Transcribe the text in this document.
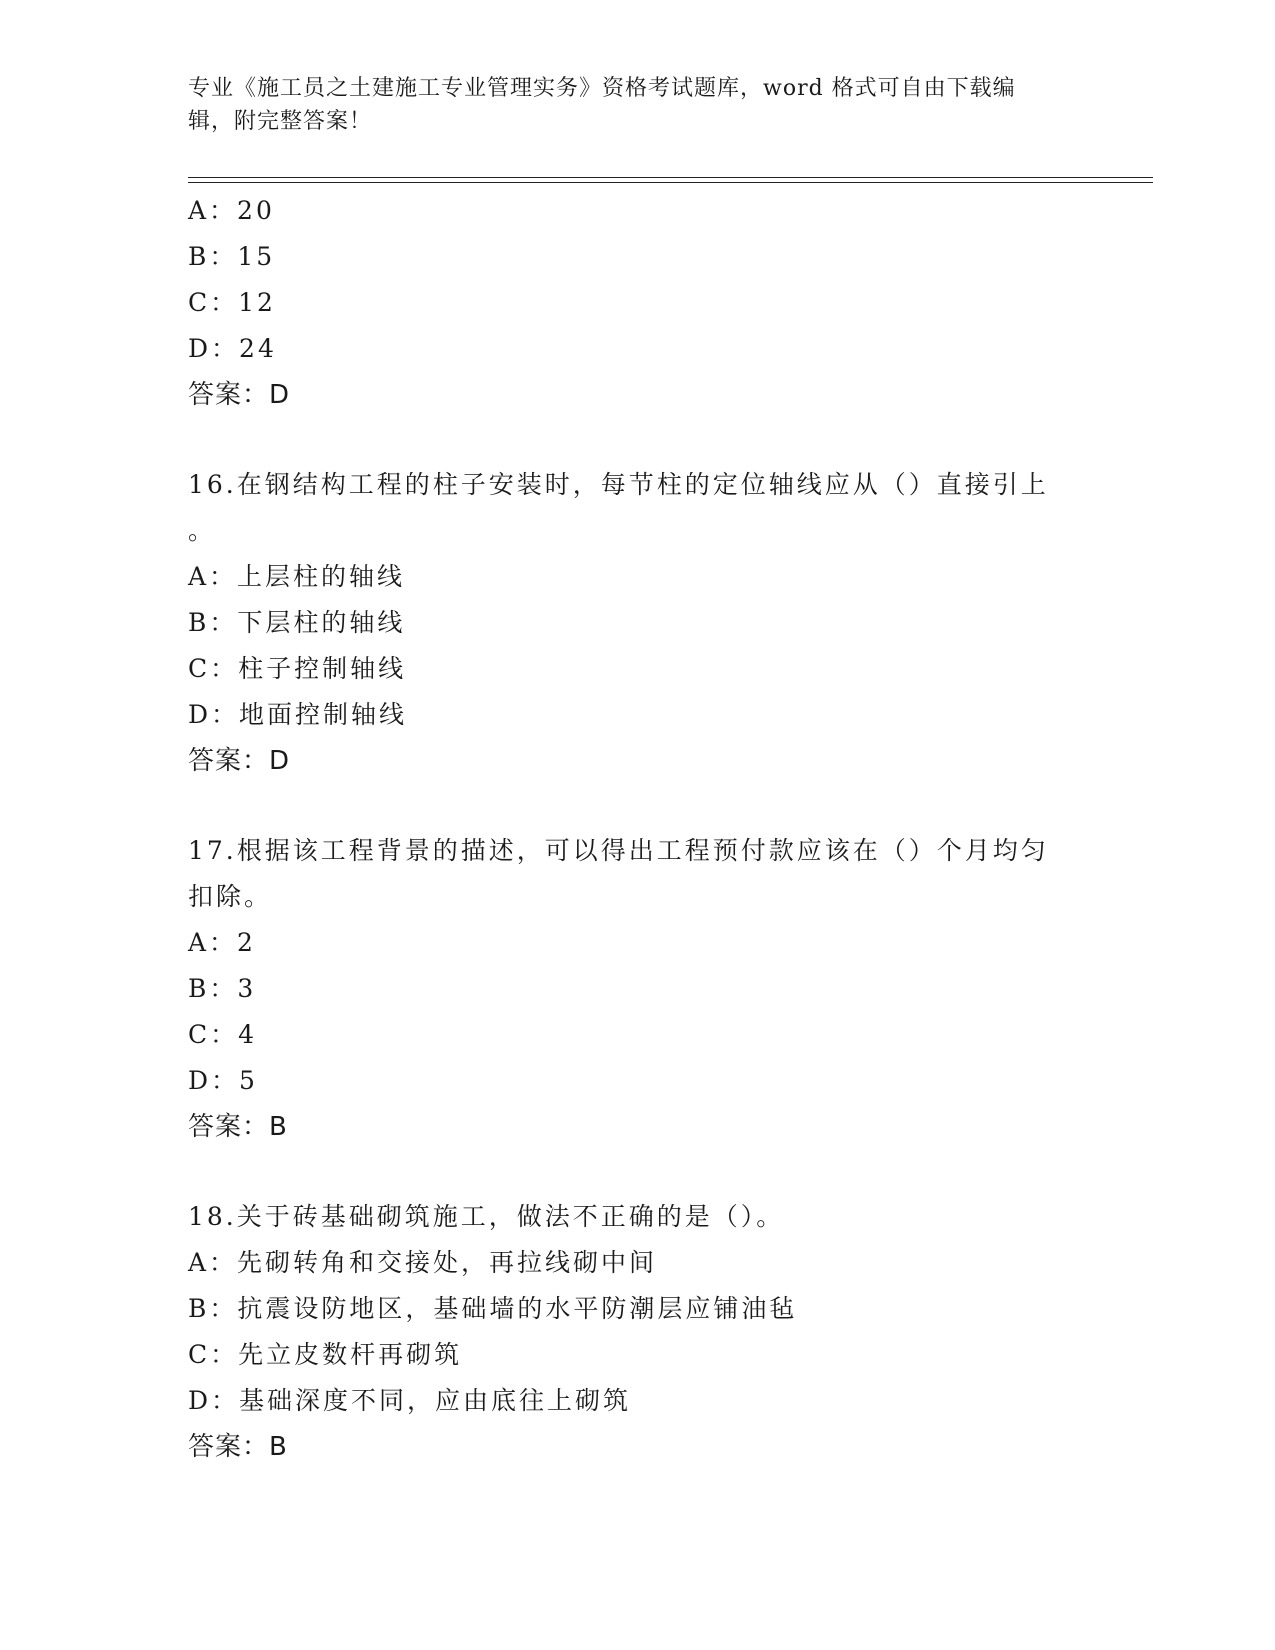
专业《施工员之土建施工专业管理实务》资格考试题库，word 格式可自由下载编
辑，附完整答案！
A：20
B：15
C：12
D：24
答案：D
16.在钢结构工程的柱子安装时，每节柱的定位轴线应从（）直接引上
。
A：上层柱的轴线
B：下层柱的轴线
C：柱子控制轴线
D：地面控制轴线
答案：D
17.根据该工程背景的描述，可以得出工程预付款应该在（）个月均匀
扣除。
A：2
B：3
C：4
D：5
答案：B
18.关于砖基础砌筑施工，做法不正确的是（）。
A：先砌转角和交接处，再拉线砌中间
B：抗震设防地区，基础墙的水平防潮层应铺油毡
C：先立皮数杆再砌筑
D：基础深度不同，应由底往上砌筑
答案：B
